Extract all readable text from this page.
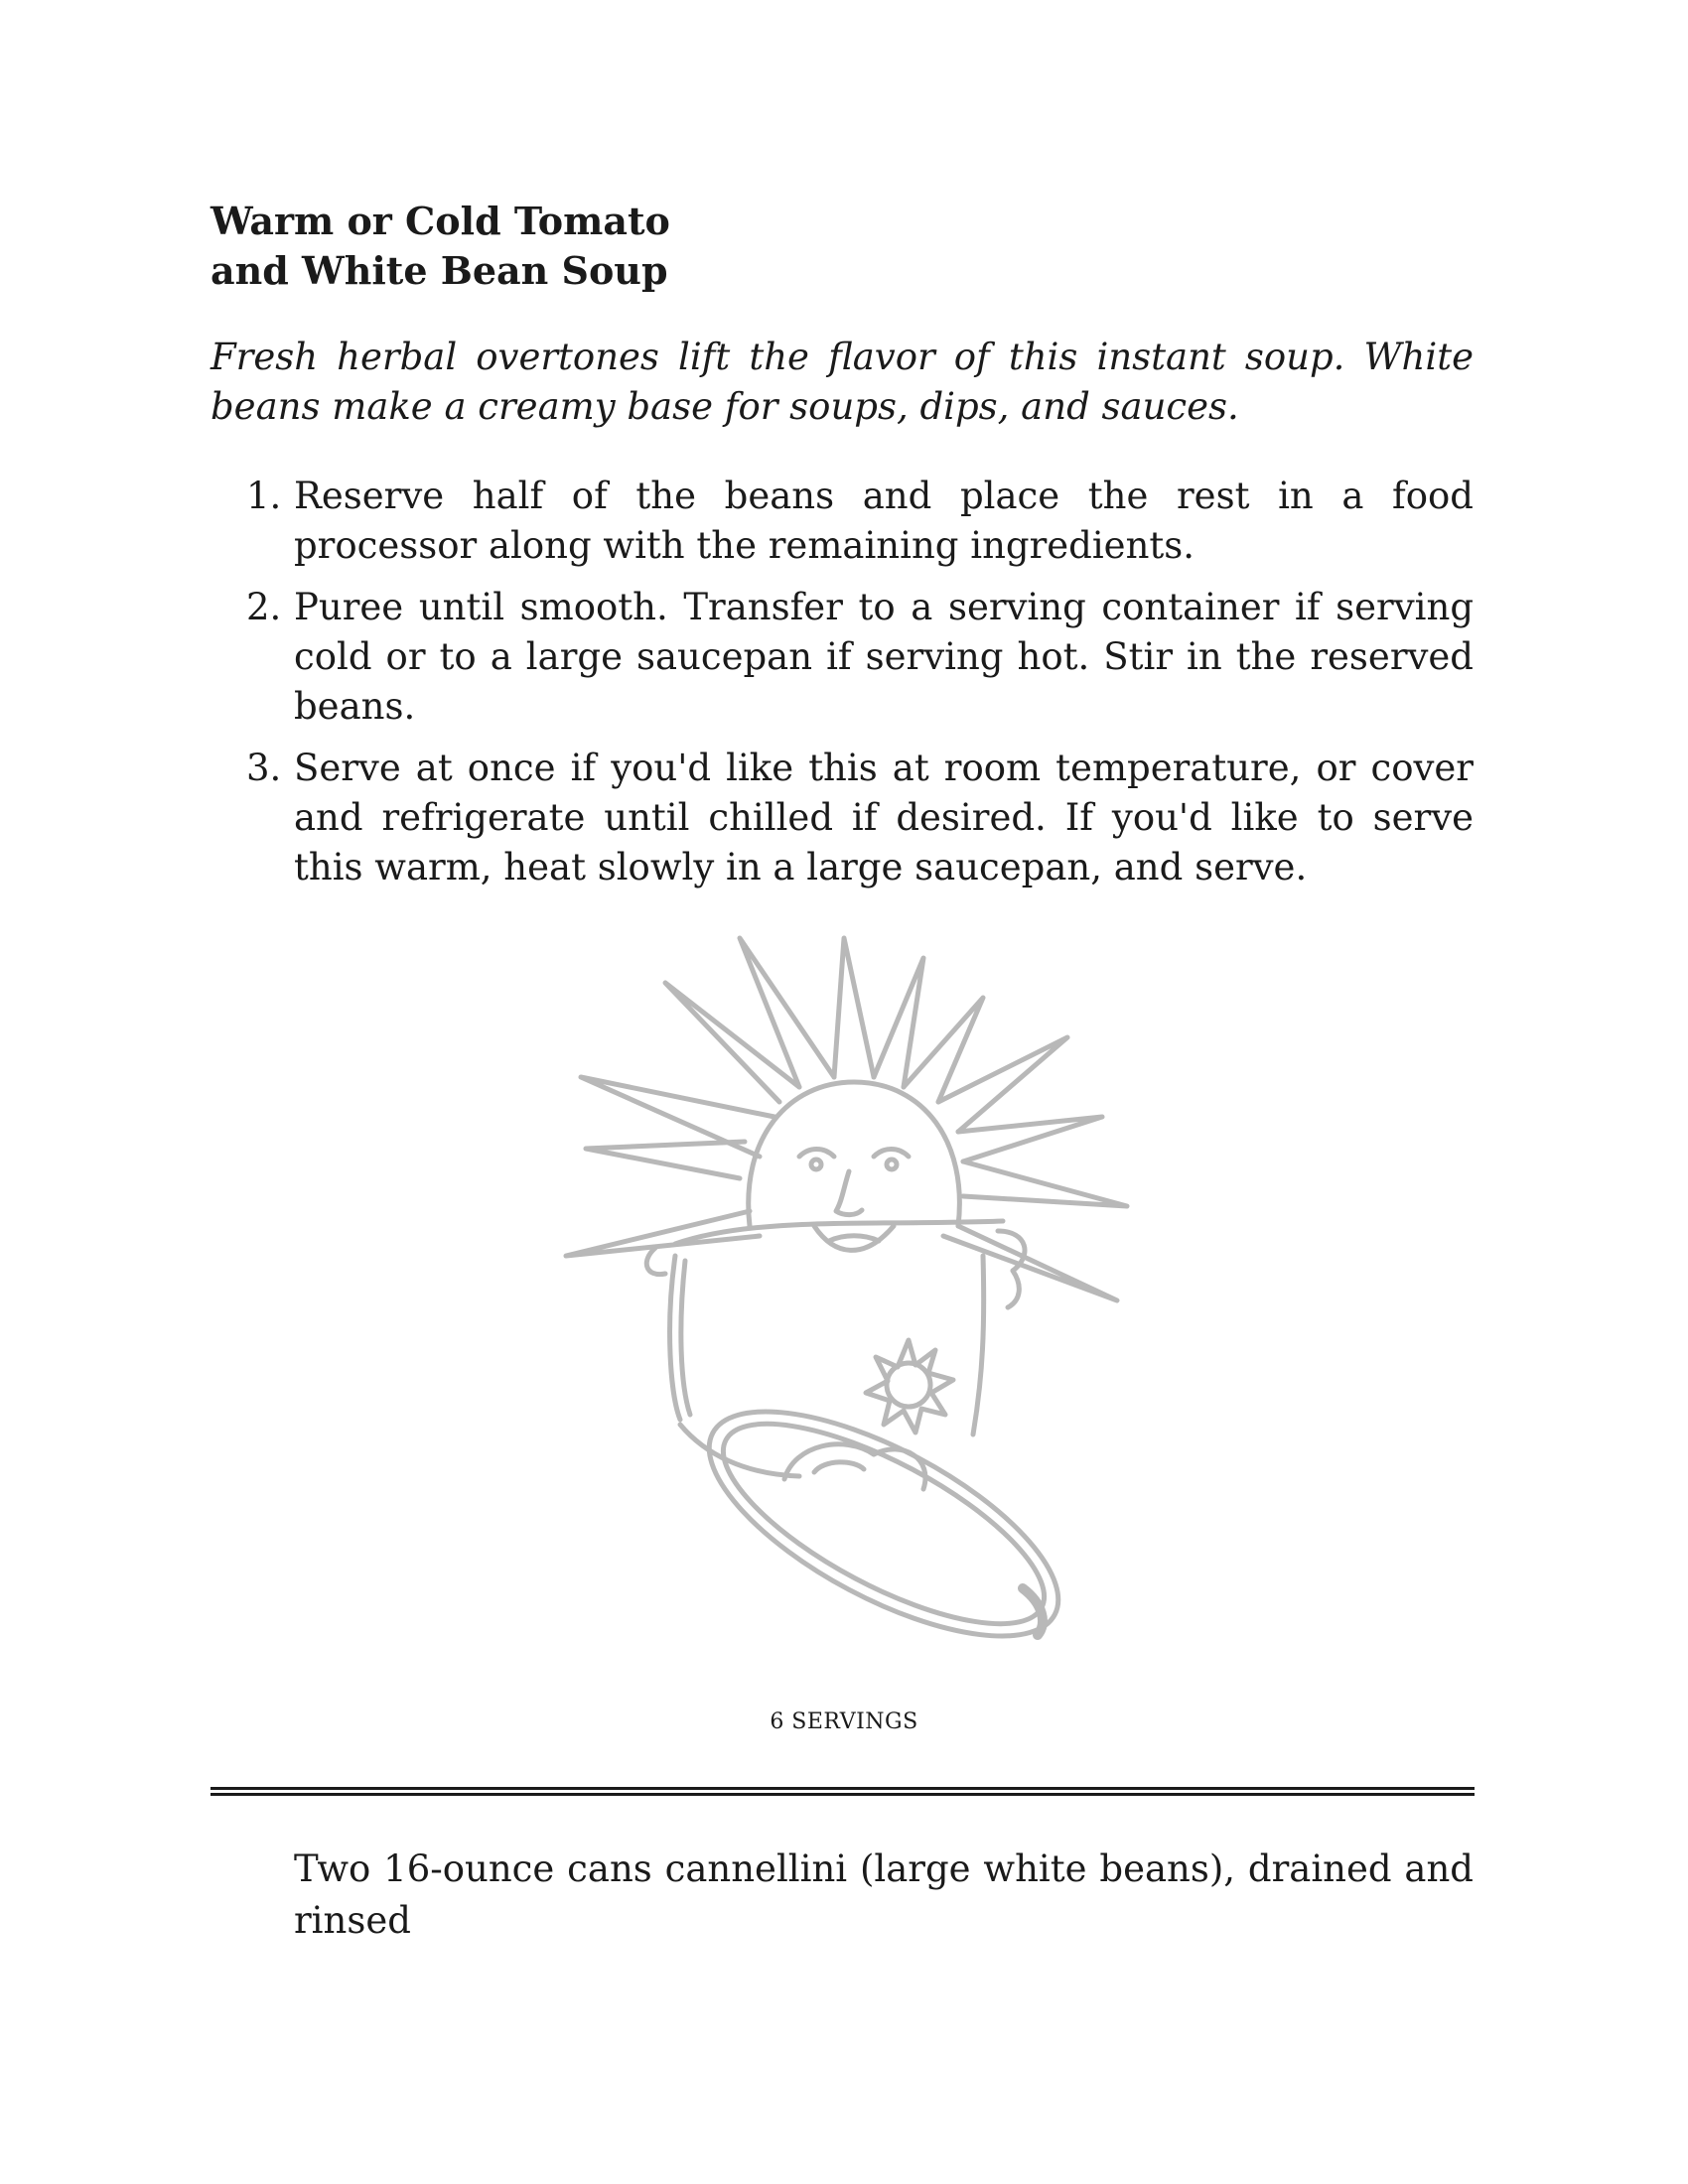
Warm or Cold Tomato
and White Bean Soup

Fresh herbal overtones lift the flavor of this instant soup. White beans make a creamy base for soups, dips, and sauces.

1. Reserve half of the beans and place the rest in a food processor along with the remaining ingredients.
2. Puree until smooth. Transfer to a serving container if serving cold or to a large saucepan if serving hot. Stir in the reserved beans.
3. Serve at once if you'd like this at room temperature, or cover and refrigerate until chilled if desired. If you'd like to serve this warm, heat slowly in a large saucepan, and serve.

6 SERVINGS

Two 16-ounce cans cannellini (large white beans), drained and rinsed
